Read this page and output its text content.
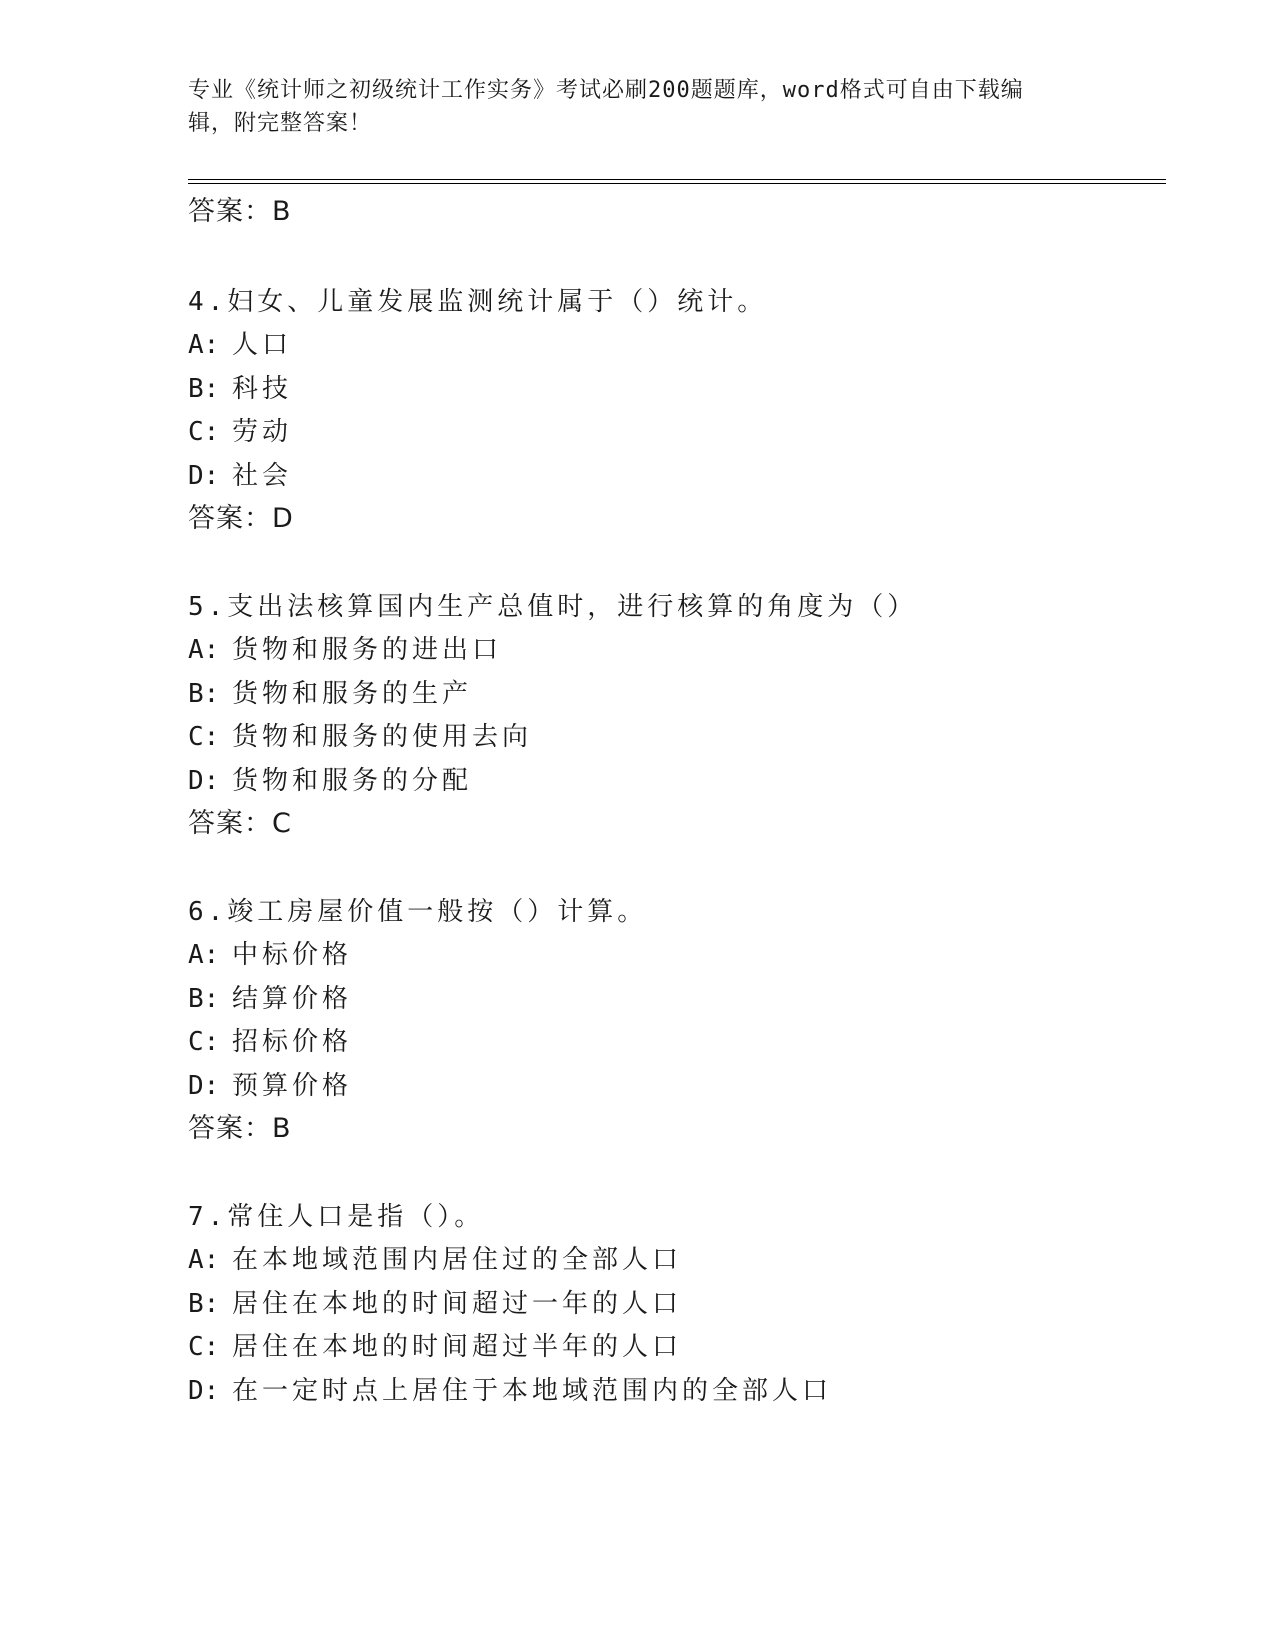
专业《统计师之初级统计工作实务》考试必刷200题题库，word格式可自由下载编辑，附完整答案！
答案：B
4.妇女、儿童发展监测统计属于（）统计。
A: 人口
B: 科技
C: 劳动
D: 社会
答案：D
5.支出法核算国内生产总值时，进行核算的角度为（）
A: 货物和服务的进出口
B: 货物和服务的生产
C: 货物和服务的使用去向
D: 货物和服务的分配
答案：C
6.竣工房屋价值一般按（）计算。
A: 中标价格
B: 结算价格
C: 招标价格
D: 预算价格
答案：B
7.常住人口是指（）。
A: 在本地域范围内居住过的全部人口
B: 居住在本地的时间超过一年的人口
C: 居住在本地的时间超过半年的人口
D: 在一定时点上居住于本地域范围内的全部人口
